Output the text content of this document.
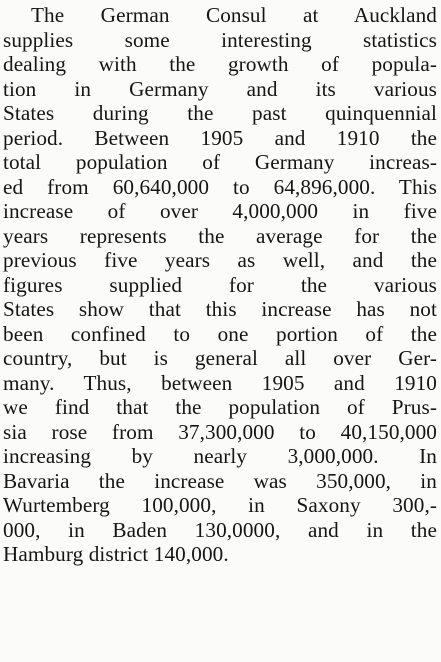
The German Consul at Auckland
supplies some interesting statistics
dealing with the growth of popula-
tion in Germany and its various
States during the past quinquennial
period. Between 1905 and 1910 the
total population of Germany increas-
ed from 60,640,000 to 64,896,000. This
increase of over 4,000,000 in five
years represents the average for the
previous five years as well, and the
figures supplied for the various
States show that this increase has not
been confined to one portion of the
country, but is general all over Ger-
many. Thus, between 1905 and 1910
we find that the population of Prus-
sia rose from 37,300,000 to 40,150,000
increasing by nearly 3,000,000. In
Bavaria the increase was 350,000, in
Wurtemberg 100,000, in Saxony 300,-
000, in Baden 130,0000, and in the
Hamburg district 140,000.
